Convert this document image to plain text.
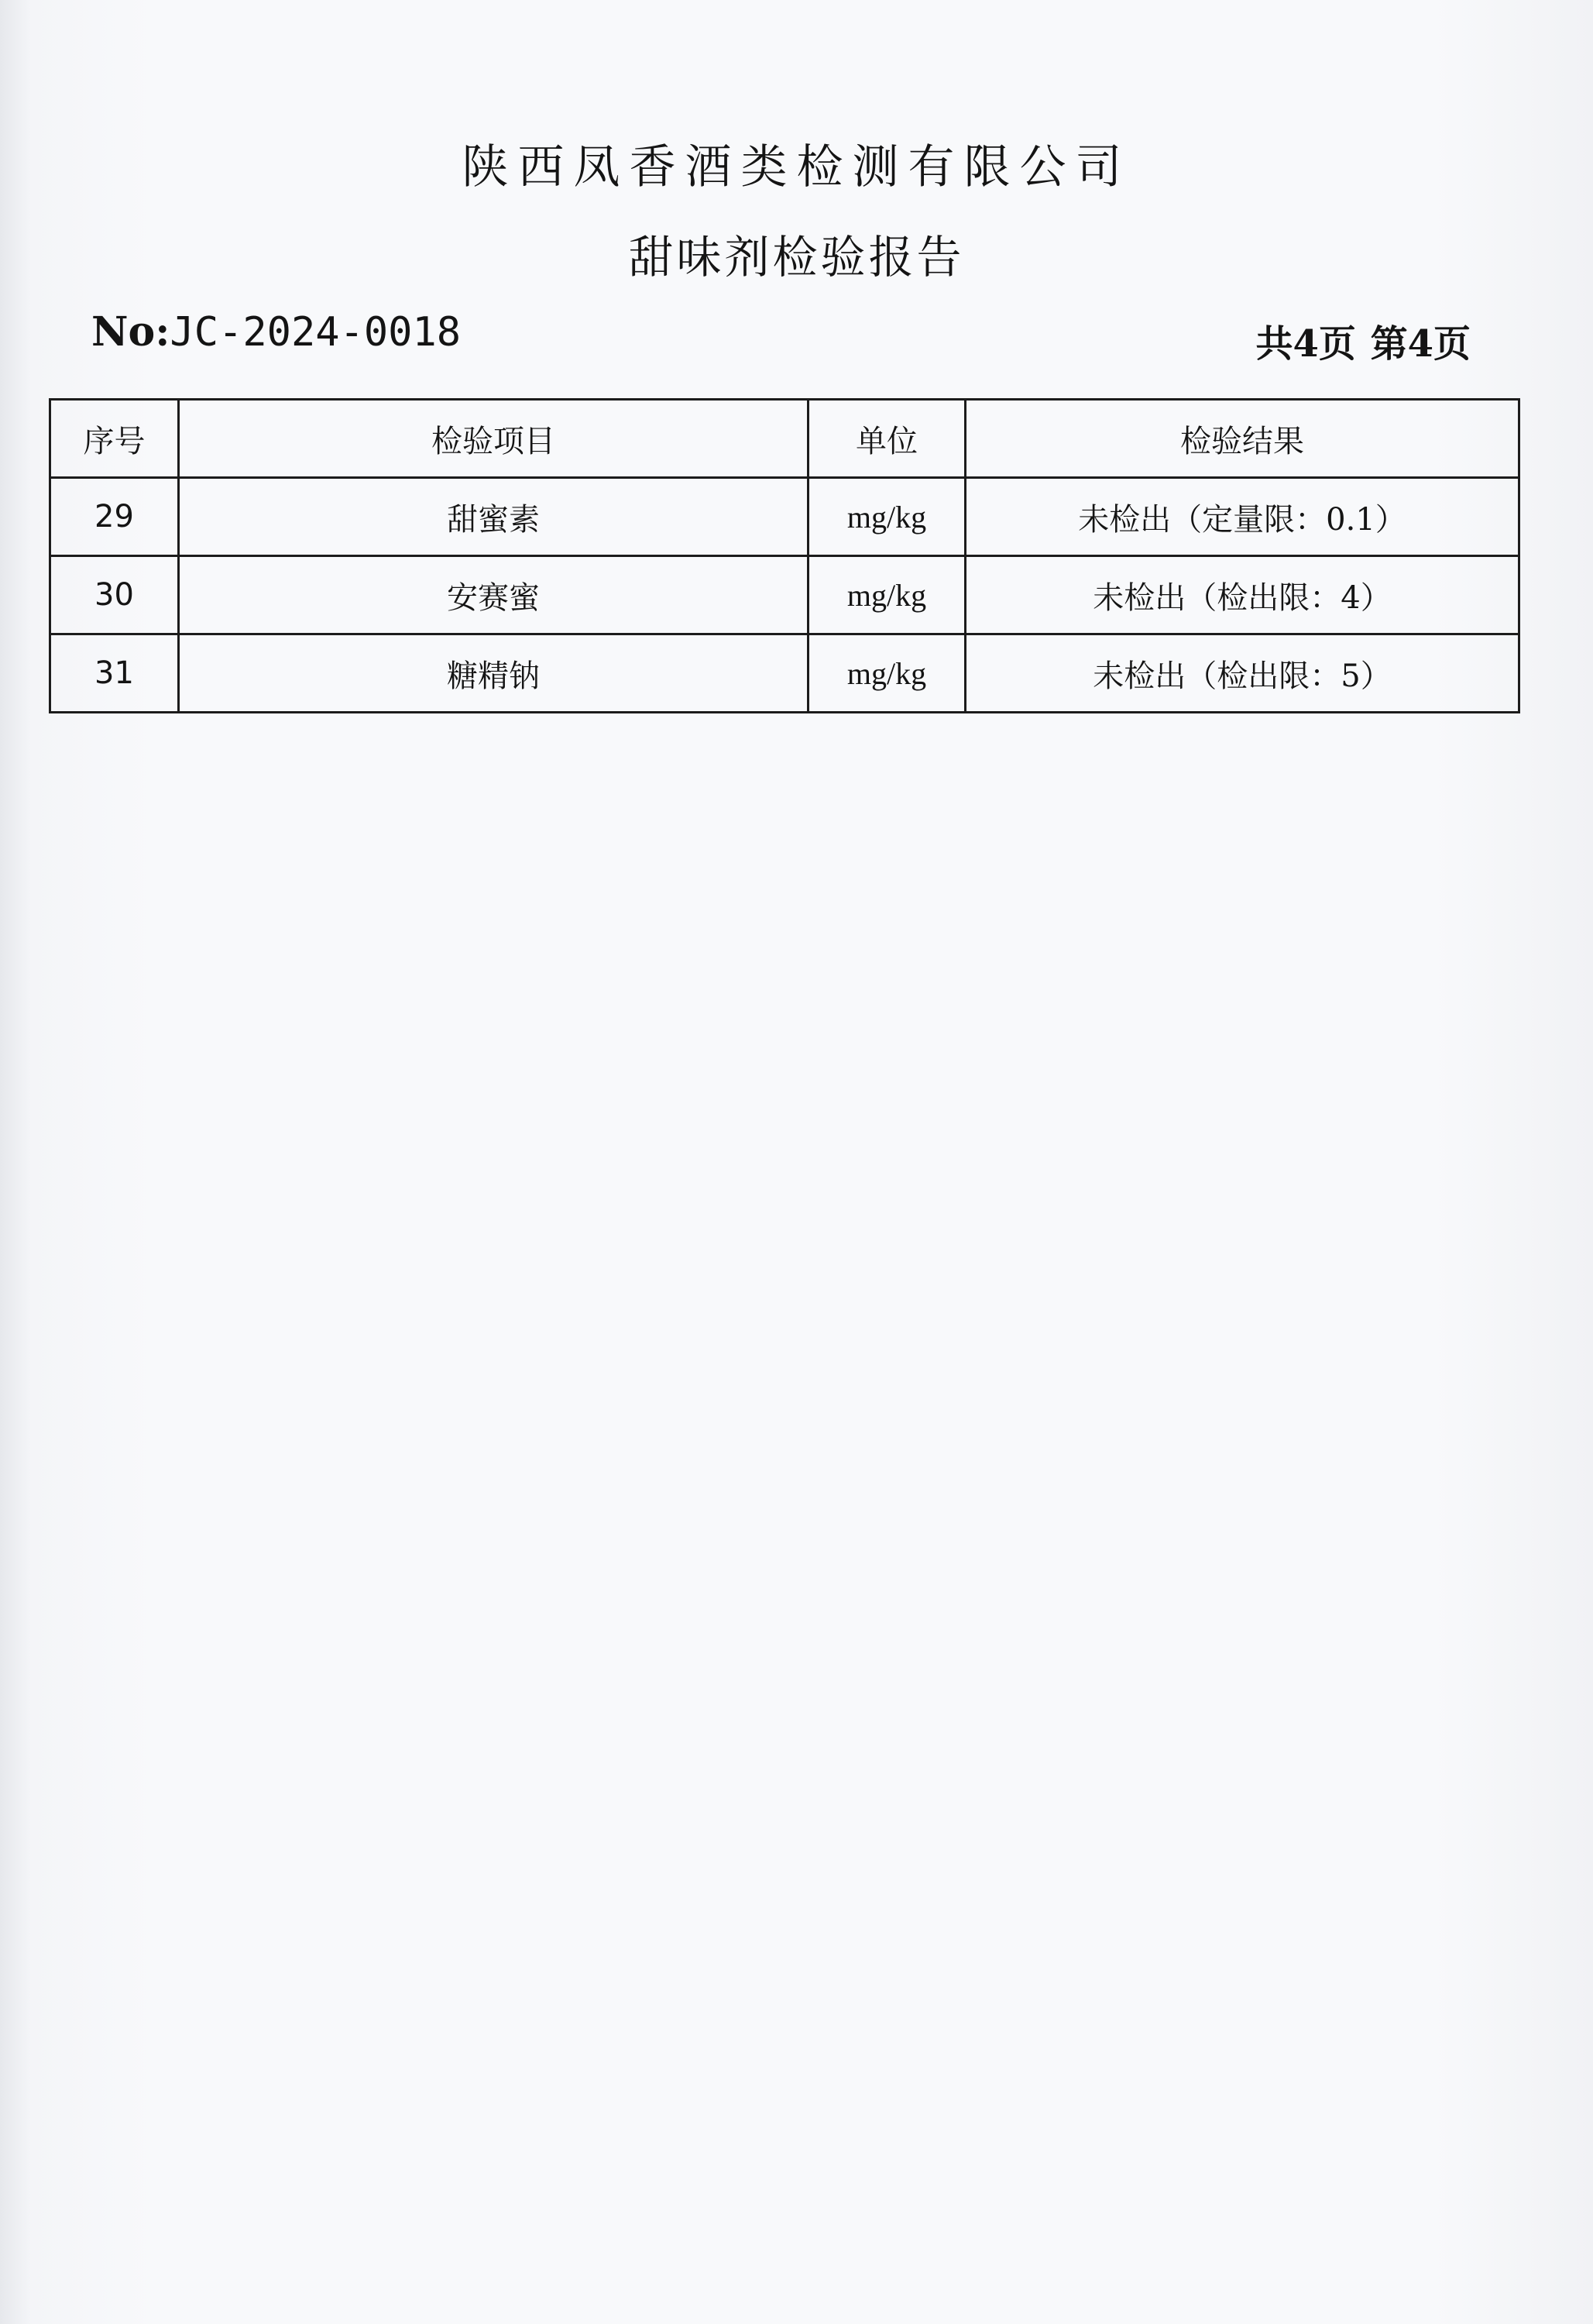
陕西凤香酒类检测有限公司
甜味剂检验报告
No:JC-2024-0018	共4页 第4页
序号	检验项目	单位	检验结果
29	甜蜜素	mg/kg	未检出（定量限：0.1）
30	安赛蜜	mg/kg	未检出（检出限：4）
31	糖精钠	mg/kg	未检出（检出限：5）
